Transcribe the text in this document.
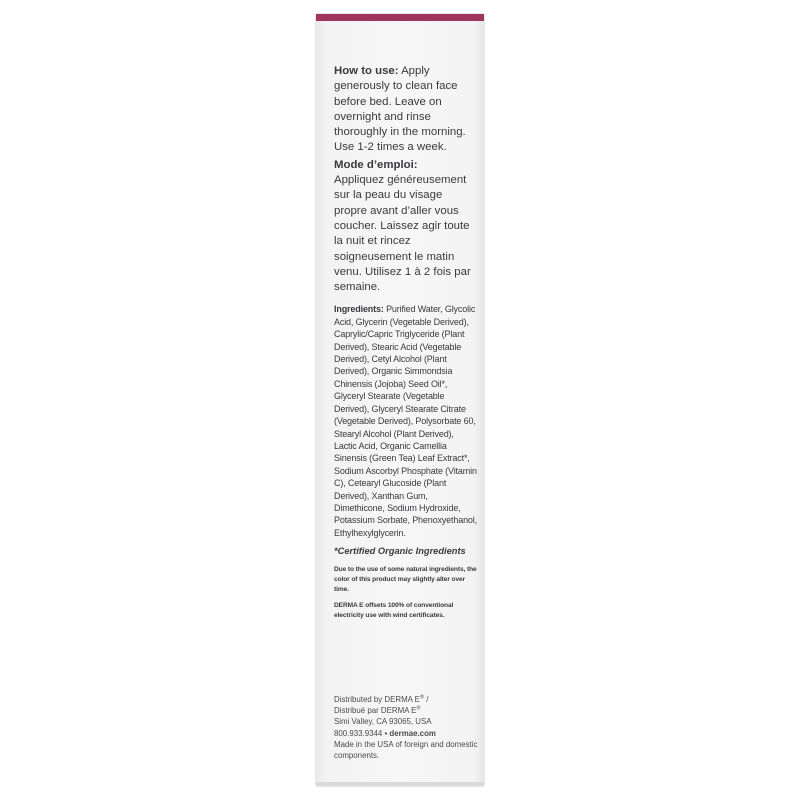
How to use: Apply generously to clean face before bed. Leave on overnight and rinse thoroughly in the morning. Use 1-2 times a week.

Mode d’emploi:
Appliquez généreusement sur la peau du visage propre avant d’aller vous coucher. Laissez agir toute la nuit et rincez soigneusement le matin venu. Utilisez 1 à 2 fois par semaine.

Ingredients: Purified Water, Glycolic Acid, Glycerin (Vegetable Derived), Caprylic/Capric Triglyceride (Plant Derived), Stearic Acid (Vegetable Derived), Cetyl Alcohol (Plant Derived), Organic Simmondsia Chinensis (Jojoba) Seed Oil*, Glyceryl Stearate (Vegetable Derived), Glyceryl Stearate Citrate (Vegetable Derived), Polysorbate 60, Stearyl Alcohol (Plant Derived), Lactic Acid, Organic Camellia Sinensis (Green Tea) Leaf Extract*, Sodium Ascorbyl Phosphate (Vitamin C), Cetearyl Glucoside (Plant Derived), Xanthan Gum, Dimethicone, Sodium Hydroxide, Potassium Sorbate, Phenoxyethanol, Ethylhexylglycerin.

*Certified Organic Ingredients

Due to the use of some natural ingredients, the color of this product may slightly alter over time.

DERMA E offsets 100% of conventional electricity use with wind certificates.

Distributed by DERMA E® /
Distribué par DERMA E®
Simi Valley, CA 93065, USA
800.933.9344 • dermae.com
Made in the USA of foreign and domestic components.
